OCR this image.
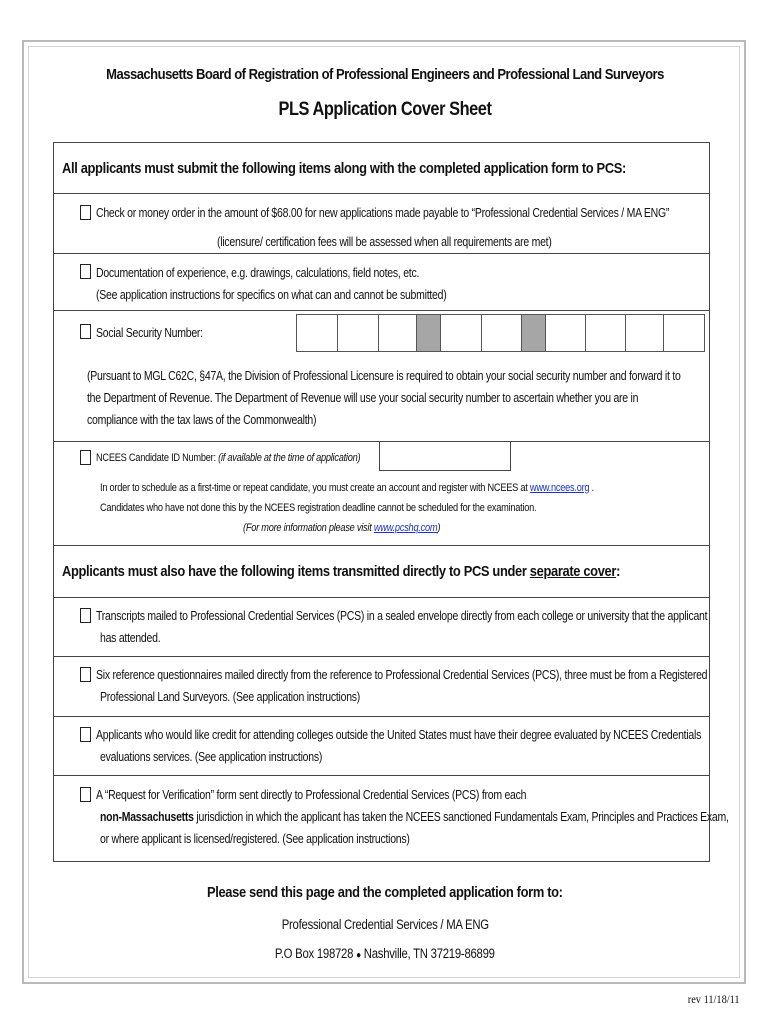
Massachusetts Board of Registration of Professional Engineers and Professional Land Surveyors
PLS Application Cover Sheet
All applicants must submit the following items along with the completed application form to PCS:
Check or money order in the amount of $68.00 for new applications made payable to “Professional Credential Services / MA ENG”
(licensure/ certification fees will be assessed when all requirements are met)
Documentation of experience, e.g. drawings, calculations, field notes, etc.
(See application instructions for specifics on what can and cannot be submitted)
Social Security Number:
(Pursuant to MGL C62C, §47A, the Division of Professional Licensure is required to obtain your social security number and forward it to
the Department of Revenue. The Department of Revenue will use your social security number to ascertain whether you are in
compliance with the tax laws of the Commonwealth)
NCEES Candidate ID Number: (if available at the time of application)
In order to schedule as a first-time or repeat candidate, you must create an account and register with NCEES at www.ncees.org .
Candidates who have not done this by the NCEES registration deadline cannot be scheduled for the examination.
(For more information please visit www.pcshq.com)
Applicants must also have the following items transmitted directly to PCS under separate cover:
Transcripts mailed to Professional Credential Services (PCS) in a sealed envelope directly from each college or university that the applicant
has attended.
Six reference questionnaires mailed directly from the reference to Professional Credential Services (PCS), three must be from a Registered
Professional Land Surveyors. (See application instructions)
Applicants who would like credit for attending colleges outside the United States must have their degree evaluated by NCEES Credentials
evaluations services. (See application instructions)
A “Request for Verification” form sent directly to Professional Credential Services (PCS) from each
non-Massachusetts jurisdiction in which the applicant has taken the NCEES sanctioned Fundamentals Exam, Principles and Practices Exam,
or where applicant is licensed/registered. (See application instructions)
Please send this page and the completed application form to:
Professional Credential Services / MA ENG
P.O Box 198728 ● Nashville, TN 37219-86899
rev 11/18/11
